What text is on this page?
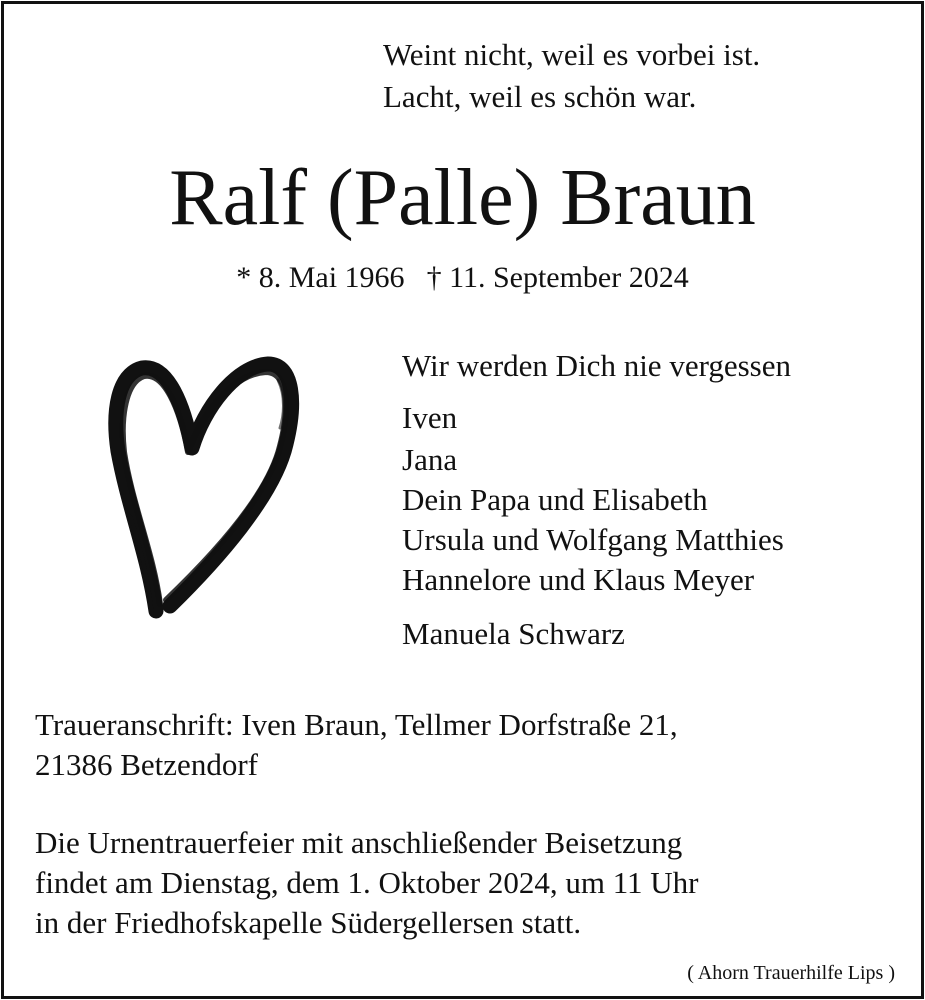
Weint nicht, weil es vorbei ist.
Lacht, weil es schön war.
Ralf (Palle) Braun
* 8. Mai 1966 † 11. September 2024
Wir werden Dich nie vergessen
Iven
Jana
Dein Papa und Elisabeth
Ursula und Wolfgang Matthies
Hannelore und Klaus Meyer
Manuela Schwarz
Traueranschrift: Iven Braun, Tellmer Dorfstraße 21,
21386 Betzendorf
Die Urnentrauerfeier mit anschließender Beisetzung
findet am Dienstag, dem 1. Oktober 2024, um 11 Uhr
in der Friedhofskapelle Südergellersen statt.
( Ahorn Trauerhilfe Lips )
